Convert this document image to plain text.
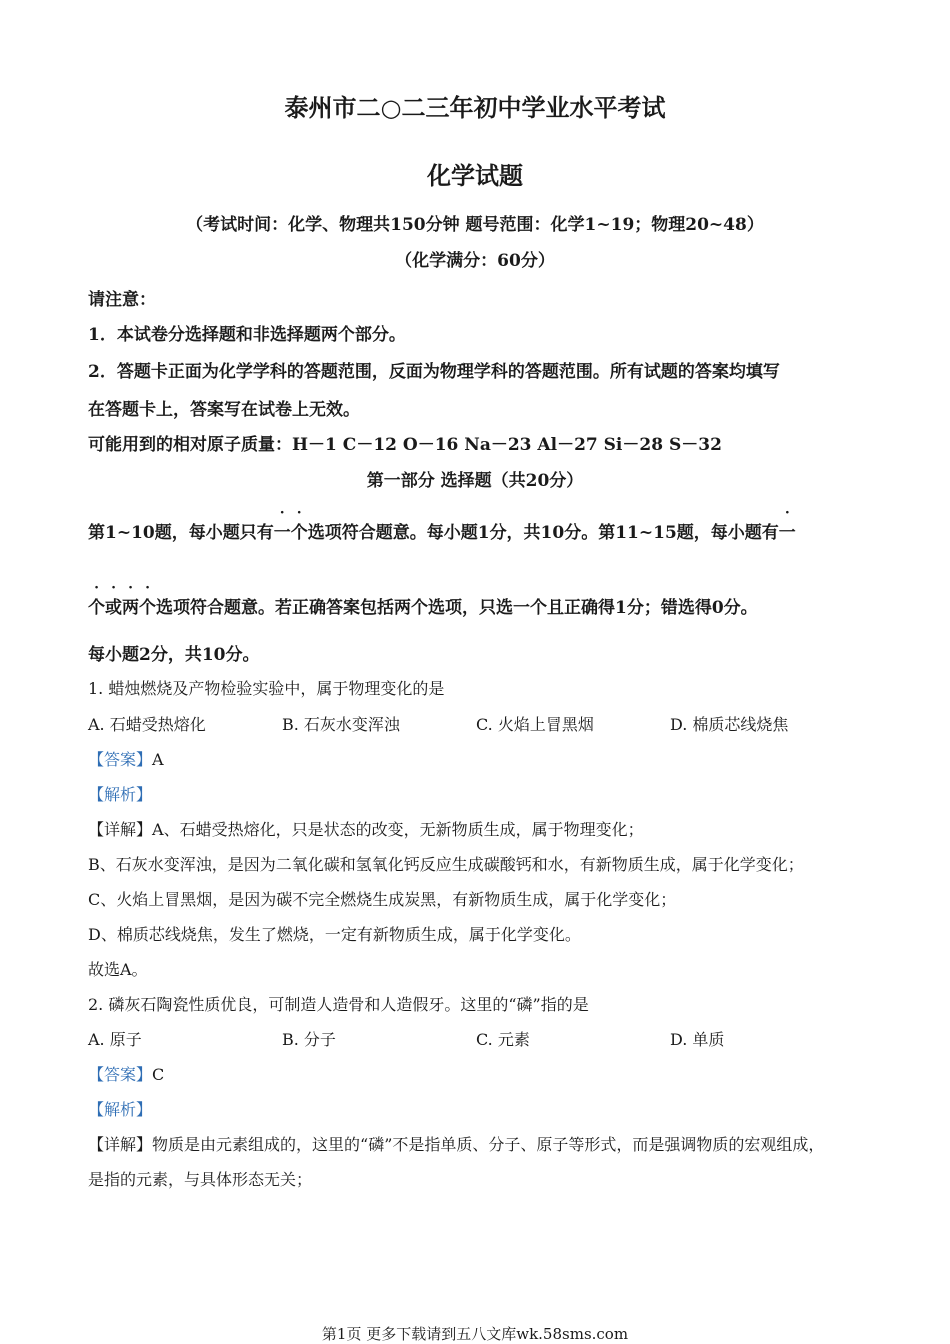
泰州市二○二三年初中学业水平考试
化学试题
（考试时间：化学、物理共150分钟 题号范围：化学1~19；物理20~48）
（化学满分：60分）
请注意：
1．本试卷分选择题和非选择题两个部分。
2．答题卡正面为化学学科的答题范围，反面为物理学科的答题范围。所有试题的答案均填写
在答题卡上，答案写在试卷上无效。
可能用到的相对原子质量：H－1 C－12 O－16 Na－23 Al－27 Si－28 S－32
第一部分 选择题（共20分）
第1~10题，每小题只有
·
一
·
个选项符合题意。每小题1分，共10分。第11~15题，每小题有
·
一
·
个
·
或
·
两
·
个选项符合题意。若正确答案包括两个选项，只选一个且正确得1分；错选得0分。
每小题2分，共10分。
1. 蜡烛燃烧及产物检验实验中，属于物理变化的是
A. 石蜡受热熔化	B. 石灰水变浑浊	C. 火焰上冒黑烟	D. 棉质芯线烧焦
【答案】A
【解析】
【详解】A、石蜡受热熔化，只是状态的改变，无新物质生成，属于物理变化；
B、石灰水变浑浊，是因为二氧化碳和氢氧化钙反应生成碳酸钙和水，有新物质生成，属于化学变化；
C、火焰上冒黑烟，是因为碳不完全燃烧生成炭黑，有新物质生成，属于化学变化；
D、棉质芯线烧焦，发生了燃烧，一定有新物质生成，属于化学变化。
故选A。
2. 磷灰石陶瓷性质优良，可制造人造骨和人造假牙。这里的“磷”指的是
A. 原子	B. 分子	C. 元素	D. 单质
【答案】C
【解析】
【详解】物质是由元素组成的，这里的“磷”不是指单质、分子、原子等形式，而是强调物质的宏观组成，
是指的元素，与具体形态无关；
第1页 更多下载请到五八文库wk.58sms.com
